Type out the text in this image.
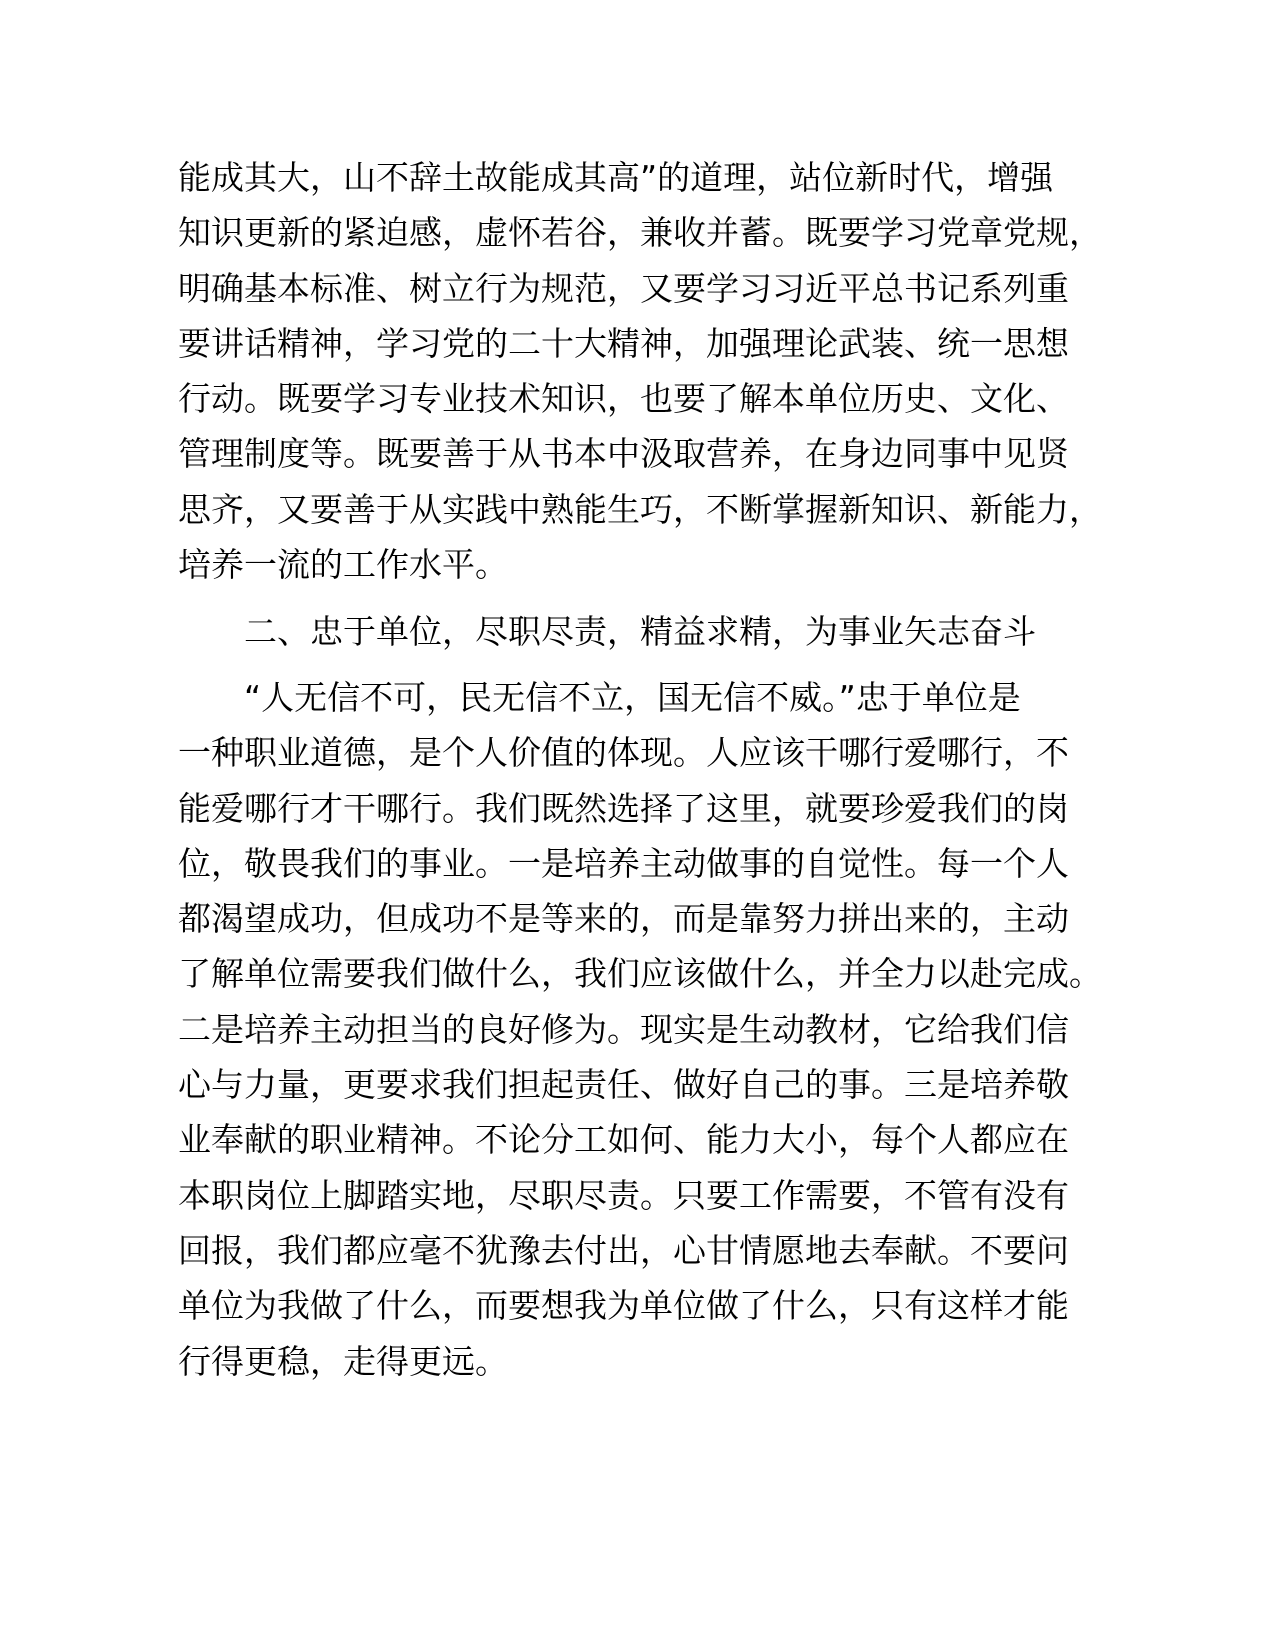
能成其大，山不辞土故能成其高”的道理，站位新时代，增强
知识更新的紧迫感，虚怀若谷，兼收并蓄。既要学习党章党规，
明确基本标准、树立行为规范，又要学习习近平总书记系列重
要讲话精神，学习党的二十大精神，加强理论武装、统一思想
行动。既要学习专业技术知识，也要了解本单位历史、文化、
管理制度等。既要善于从书本中汲取营养，在身边同事中见贤
思齐，又要善于从实践中熟能生巧，不断掌握新知识、新能力，
培养一流的工作水平。
二、忠于单位，尽职尽责，精益求精，为事业矢志奋斗
“人无信不可，民无信不立，国无信不威。”忠于单位是
一种职业道德，是个人价值的体现。人应该干哪行爱哪行，不
能爱哪行才干哪行。我们既然选择了这里，就要珍爱我们的岗
位，敬畏我们的事业。一是培养主动做事的自觉性。每一个人
都渴望成功，但成功不是等来的，而是靠努力拼出来的，主动
了解单位需要我们做什么，我们应该做什么，并全力以赴完成。
二是培养主动担当的良好修为。现实是生动教材，它给我们信
心与力量，更要求我们担起责任、做好自己的事。三是培养敬
业奉献的职业精神。不论分工如何、能力大小，每个人都应在
本职岗位上脚踏实地，尽职尽责。只要工作需要，不管有没有
回报，我们都应毫不犹豫去付出，心甘情愿地去奉献。不要问
单位为我做了什么，而要想我为单位做了什么，只有这样才能
行得更稳，走得更远。
